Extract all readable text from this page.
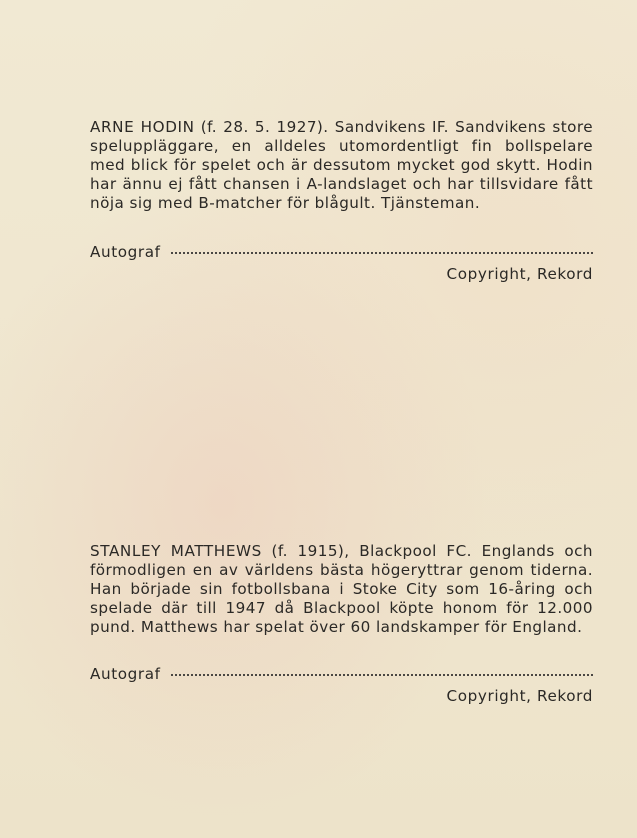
ARNE HODIN (f. 28. 5. 1927). Sandvikens IF. Sandvikens store speluppläggare, en alldeles utomordentligt fin bollspelare med blick för spelet och är dessutom mycket god skytt. Hodin har ännu ej fått chansen i A-landslaget och har tillsvidare fått nöja sig med B-matcher för blågult. Tjänsteman.

Autograf
Copyright, Rekord

STANLEY MATTHEWS (f. 1915), Blackpool FC. Englands och förmodligen en av världens bästa högeryttrar genom tiderna. Han började sin fotbollsbana i Stoke City som 16-åring och spelade där till 1947 då Blackpool köpte honom för 12.000 pund. Matthews har spelat över 60 landskamper för England.

Autograf
Copyright, Rekord
